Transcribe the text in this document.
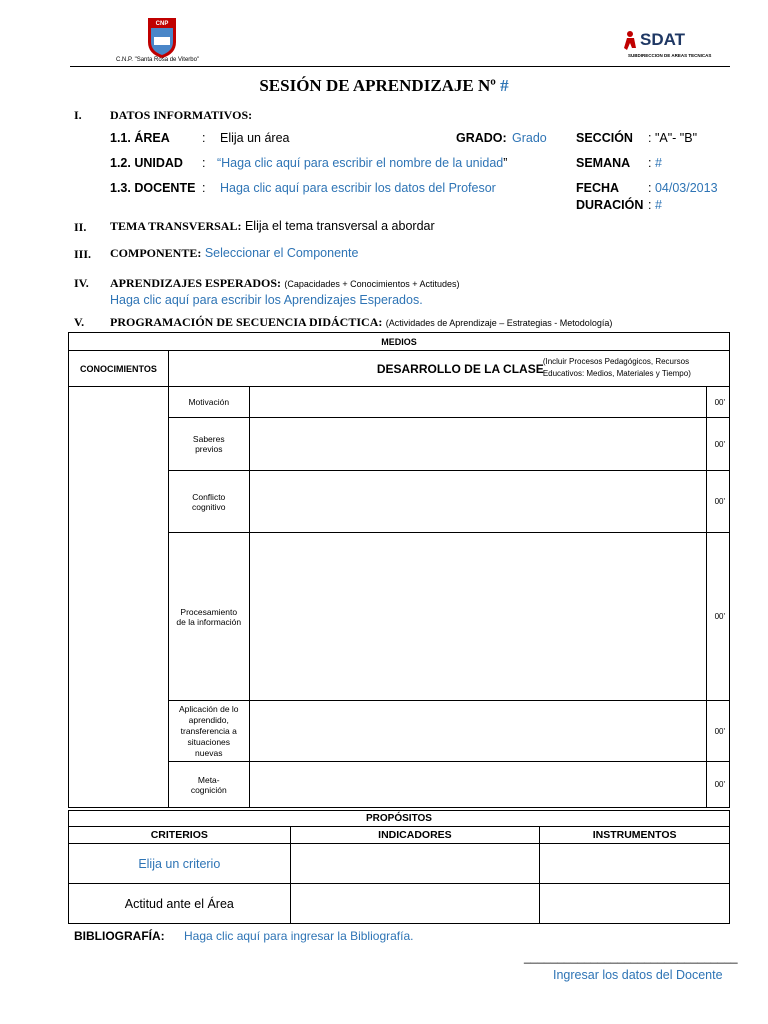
CNP
C.N.P. "Santa Rosa de Viterbo"
SDAT
SUBDIRECCION DE AREAS TECNICAS
SESIÓN DE APRENDIZAJE Nº #
I. DATOS INFORMATIVOS:
1.1. ÁREA	: Elija un área	GRADO: Grado SECCIÓN : "A"- "B"
1.2. UNIDAD : “Haga clic aquí para escribir el nombre de la unidad”	SEMANA : #
1.3. DOCENTE : Haga clic aquí para escribir los datos del Profesor	FECHA : 04/03/2013
DURACIÓN : #
II. TEMA TRANSVERSAL: Elija el tema transversal a abordar
III. COMPONENTE: Seleccionar el Componente
IV. APRENDIZAJES ESPERADOS: (Capacidades + Conocimientos + Actitudes)
Haga clic aquí para escribir los Aprendizajes Esperados.
V. PROGRAMACIÓN DE SECUENCIA DIDÁCTICA: (Actividades de Aprendizaje – Estrategias - Metodología)
MEDIOS			
CONOCIMIENTOS	DESARROLLO DE LA CLASE
(Incluir Procesos Pedagógicos, Recursos Educativos: Medios, Materiales y Tiempo)		

	Motivación		00'
	Saberes previos		00'
	Conflicto cognitivo		00'
	Procesamiento de la información		00'
	Aplicación de lo aprendido, transferencia a situaciones nuevas		00'
	Meta-cognición		00'
PROPÓSITOS		
CRITERIOS	INDICADORES	INSTRUMENTOS
Elija un criterio		
Actitud ante el Área		
BIBLIOGRAFÍA: Haga clic aquí para ingresar la Bibliografía.
________________________________
Ingresar los datos del Docente
